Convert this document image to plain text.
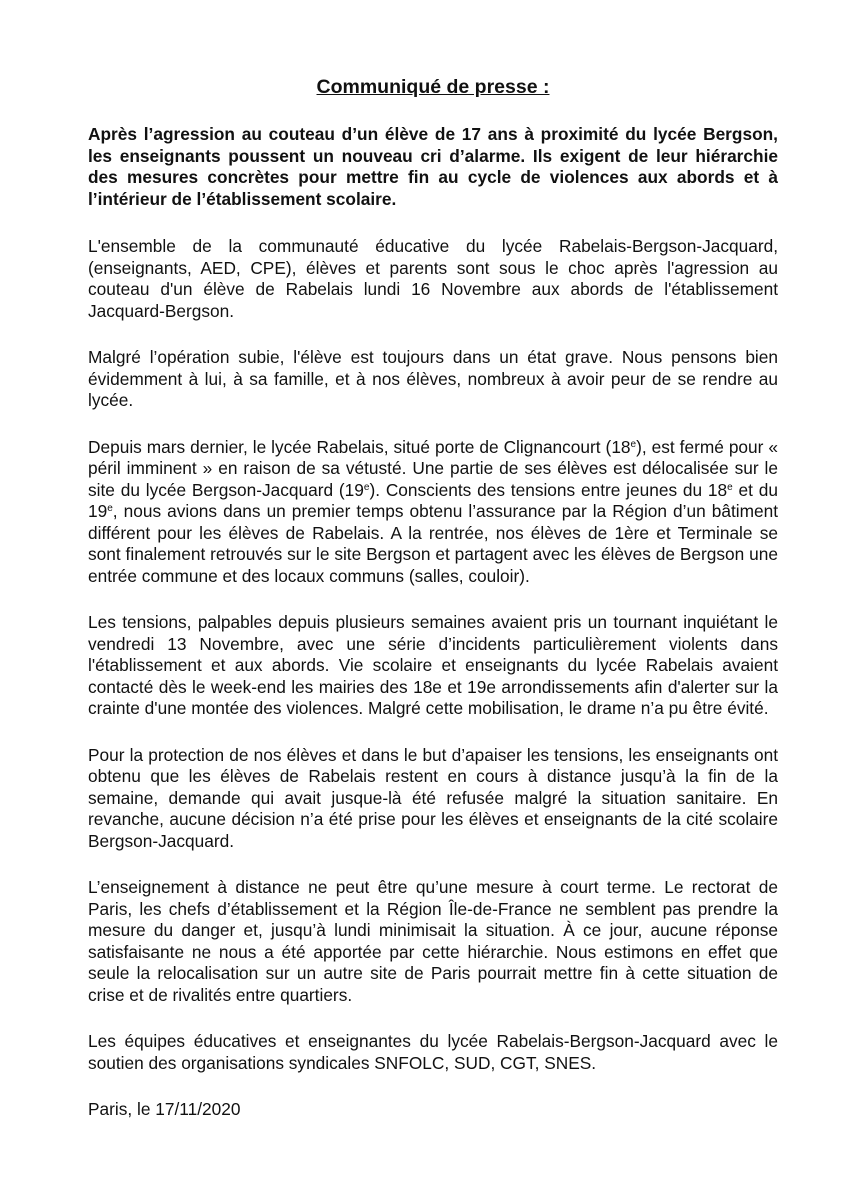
Communiqué de presse :

Après l’agression au couteau d’un élève de 17 ans à proximité du lycée Bergson, les enseignants poussent un nouveau cri d’alarme. Ils exigent de leur hiérarchie des mesures concrètes pour mettre fin au cycle de violences aux abords et à l’intérieur de l’établissement scolaire.

L'ensemble de la communauté éducative du lycée Rabelais-Bergson-Jacquard, (enseignants, AED, CPE), élèves et parents sont sous le choc après l'agression au couteau d'un élève de Rabelais lundi 16 Novembre aux abords de l'établissement Jacquard-Bergson.

Malgré l’opération subie, l'élève est toujours dans un état grave. Nous pensons bien évidemment à lui, à sa famille, et à nos élèves, nombreux à avoir peur de se rendre au lycée.

Depuis mars dernier, le lycée Rabelais, situé porte de Clignancourt (18e), est fermé pour « péril imminent » en raison de sa vétusté. Une partie de ses élèves est délocalisée sur le site du lycée Bergson-Jacquard (19e). Conscients des tensions entre jeunes du 18e et du 19e, nous avions dans un premier temps obtenu l’assurance par la Région d’un bâtiment différent pour les élèves de Rabelais. A la rentrée, nos élèves de 1ère et Terminale se sont finalement retrouvés sur le site Bergson et partagent avec les élèves de Bergson une entrée commune et des locaux communs (salles, couloir).

Les tensions, palpables depuis plusieurs semaines avaient pris un tournant inquiétant le vendredi 13 Novembre, avec une série d’incidents particulièrement violents dans l'établissement et aux abords. Vie scolaire et enseignants du lycée Rabelais avaient contacté dès le week-end les mairies des 18e et 19e arrondissements afin d'alerter sur la crainte d'une montée des violences. Malgré cette mobilisation, le drame n’a pu être évité.

Pour la protection de nos élèves et dans le but d’apaiser les tensions, les enseignants ont obtenu que les élèves de Rabelais restent en cours à distance jusqu’à la fin de la semaine, demande qui avait jusque-là été refusée malgré la situation sanitaire. En revanche, aucune décision n’a été prise pour les élèves et enseignants de la cité scolaire Bergson-Jacquard.

L’enseignement à distance ne peut être qu’une mesure à court terme. Le rectorat de Paris, les chefs d’établissement et la Région Île-de-France ne semblent pas prendre la mesure du danger et, jusqu’à lundi minimisait la situation. À ce jour, aucune réponse satisfaisante ne nous a été apportée par cette hiérarchie. Nous estimons en effet que seule la relocalisation sur un autre site de Paris pourrait mettre fin à cette situation de crise et de rivalités entre quartiers.

Les équipes éducatives et enseignantes du lycée Rabelais-Bergson-Jacquard avec le soutien des organisations syndicales SNFOLC, SUD, CGT, SNES.

Paris, le 17/11/2020
